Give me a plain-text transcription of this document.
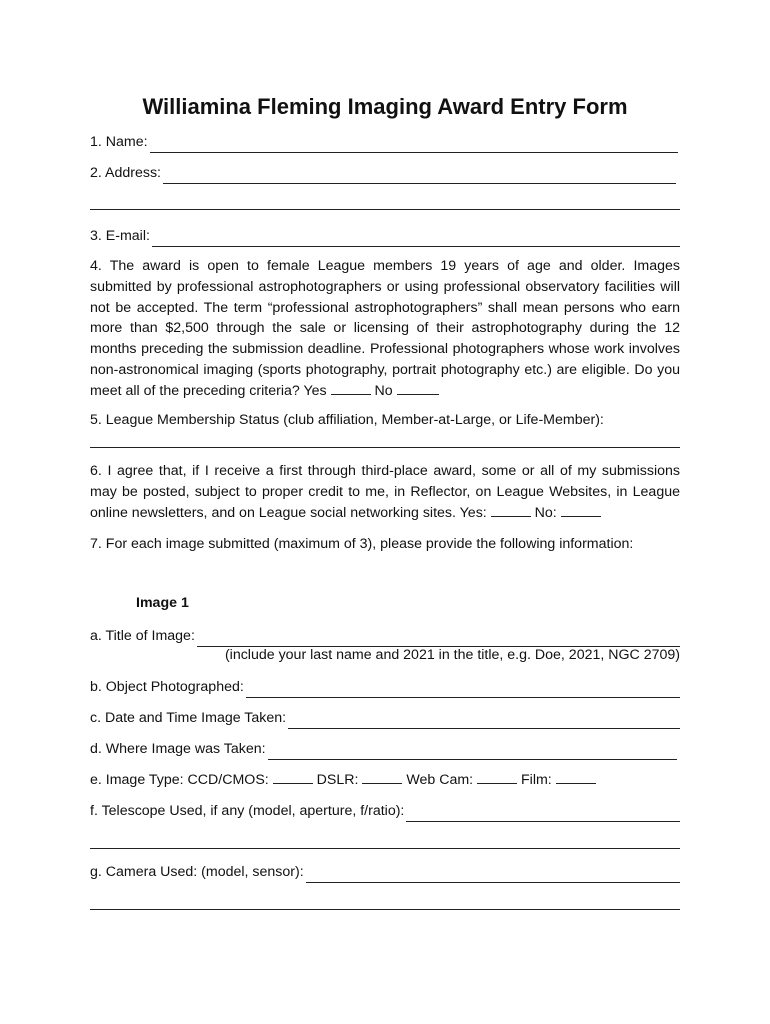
Williamina Fleming Imaging Award Entry Form
1. Name:
2. Address:
3. E-mail:

4. The award is open to female League members 19 years of age and older. Images submitted by professional astrophotographers or using professional observatory facilities will not be accepted. The term “professional astrophotographers” shall mean persons who earn more than $2,500 through the sale or licensing of their astrophotography during the 12 months preceding the submission deadline. Professional photographers whose work involves non-astronomical imaging (sports photography, portrait photography etc.) are eligible. Do you meet all of the preceding criteria? Yes	No

5. League Membership Status (club affiliation, Member-at-Large, or Life-Member):

6. I agree that, if I receive a first through third-place award, some or all of my submissions may be posted, subject to proper credit to me, in Reflector, on League Websites, in League online newsletters, and on League social networking sites. Yes:	No:

7. For each image submitted (maximum of 3), please provide the following information:

Image 1
a. Title of Image:
(include your last name and 2021 in the title, e.g. Doe, 2021, NGC 2709)
b. Object Photographed:
c. Date and Time Image Taken:
d. Where Image was Taken:
e. Image Type: CCD/CMOS:	DSLR:	Web Cam:	Film:
f. Telescope Used, if any (model, aperture, f/ratio):
g. Camera Used: (model, sensor):
